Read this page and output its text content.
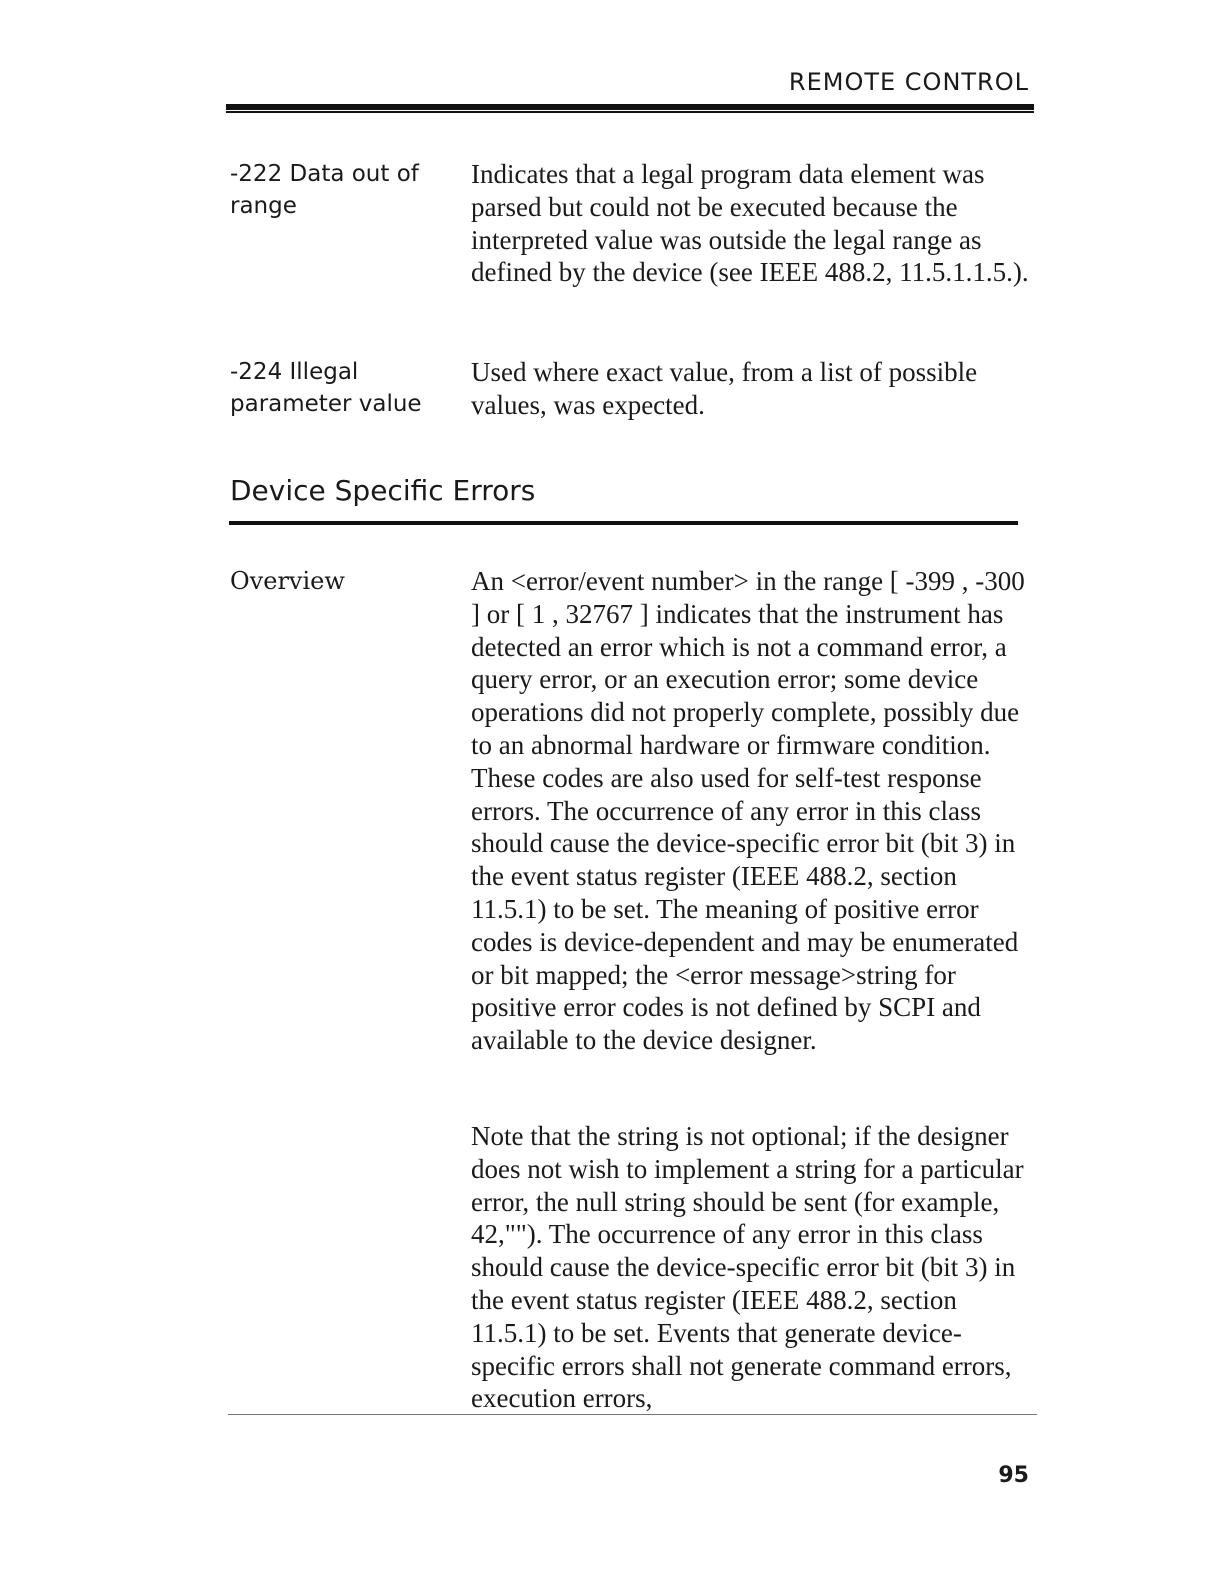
REMOTE CONTROL
-222 Data out of
range
Indicates that a legal program data element was parsed but could not be executed because the interpreted value was outside the legal range as defined by the device (see IEEE 488.2, 11.5.1.1.5.).
-224 Illegal
parameter value
Used where exact value, from a list of possible values, was expected.
Device Specific Errors
Overview	An <error/event number> in the range [ -399 , -300 ] or [ 1 , 32767 ] indicates that the instrument has detected an error which is not a command error, a query error, or an execution error; some device operations did not properly complete, possibly due to an abnormal hardware or firmware condition. These codes are also used for self-test response errors. The occurrence of any error in this class should cause the device-specific error bit (bit 3) in the event status register (IEEE 488.2, section 11.5.1) to be set. The meaning of positive error codes is device-dependent and may be enumerated or bit mapped; the <error message>string for positive error codes is not defined by SCPI and available to the device designer.
Note that the string is not optional; if the designer does not wish to implement a string for a particular error, the null string should be sent (for example, 42,""). The occurrence of any error in this class should cause the device-specific error bit (bit 3) in the event status register (IEEE 488.2, section 11.5.1) to be set. Events that generate device-specific errors shall not generate command errors, execution errors,
95
